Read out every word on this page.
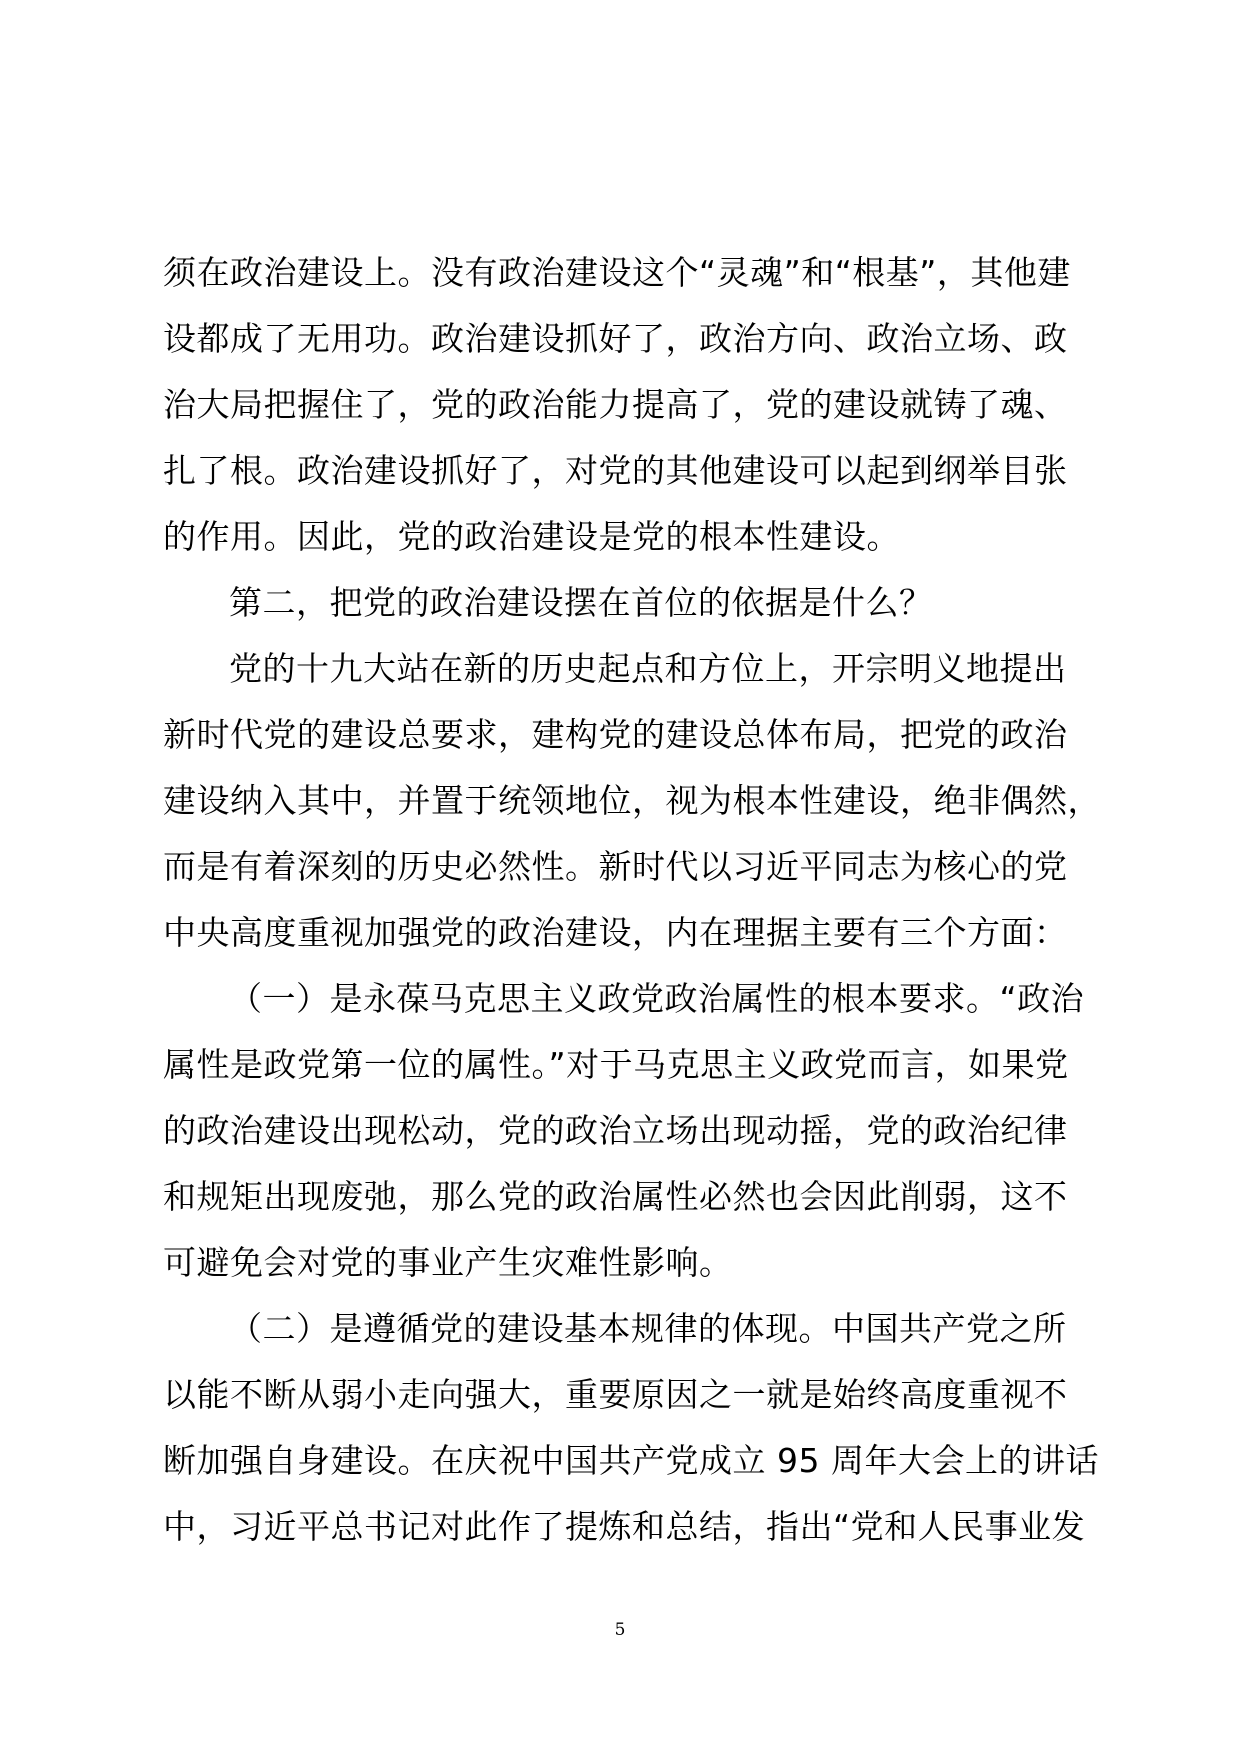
须在政治建设上。没有政治建设这个“灵魂”和“根基”，其他建
设都成了无用功。政治建设抓好了，政治方向、政治立场、政
治大局把握住了，党的政治能力提高了，党的建设就铸了魂、
扎了根。政治建设抓好了，对党的其他建设可以起到纲举目张
的作用。因此，党的政治建设是党的根本性建设。
第二，把党的政治建设摆在首位的依据是什么？
党的十九大站在新的历史起点和方位上，开宗明义地提出
新时代党的建设总要求，建构党的建设总体布局，把党的政治
建设纳入其中，并置于统领地位，视为根本性建设，绝非偶然，
而是有着深刻的历史必然性。新时代以习近平同志为核心的党
中央高度重视加强党的政治建设，内在理据主要有三个方面：
（一）是永葆马克思主义政党政治属性的根本要求。“政治
属性是政党第一位的属性。”对于马克思主义政党而言，如果党
的政治建设出现松动，党的政治立场出现动摇，党的政治纪律
和规矩出现废弛，那么党的政治属性必然也会因此削弱，这不
可避免会对党的事业产生灾难性影响。
（二）是遵循党的建设基本规律的体现。中国共产党之所
以能不断从弱小走向强大，重要原因之一就是始终高度重视不
断加强自身建设。在庆祝中国共产党成立 95 周年大会上的讲话
中，习近平总书记对此作了提炼和总结，指出“党和人民事业发
5
